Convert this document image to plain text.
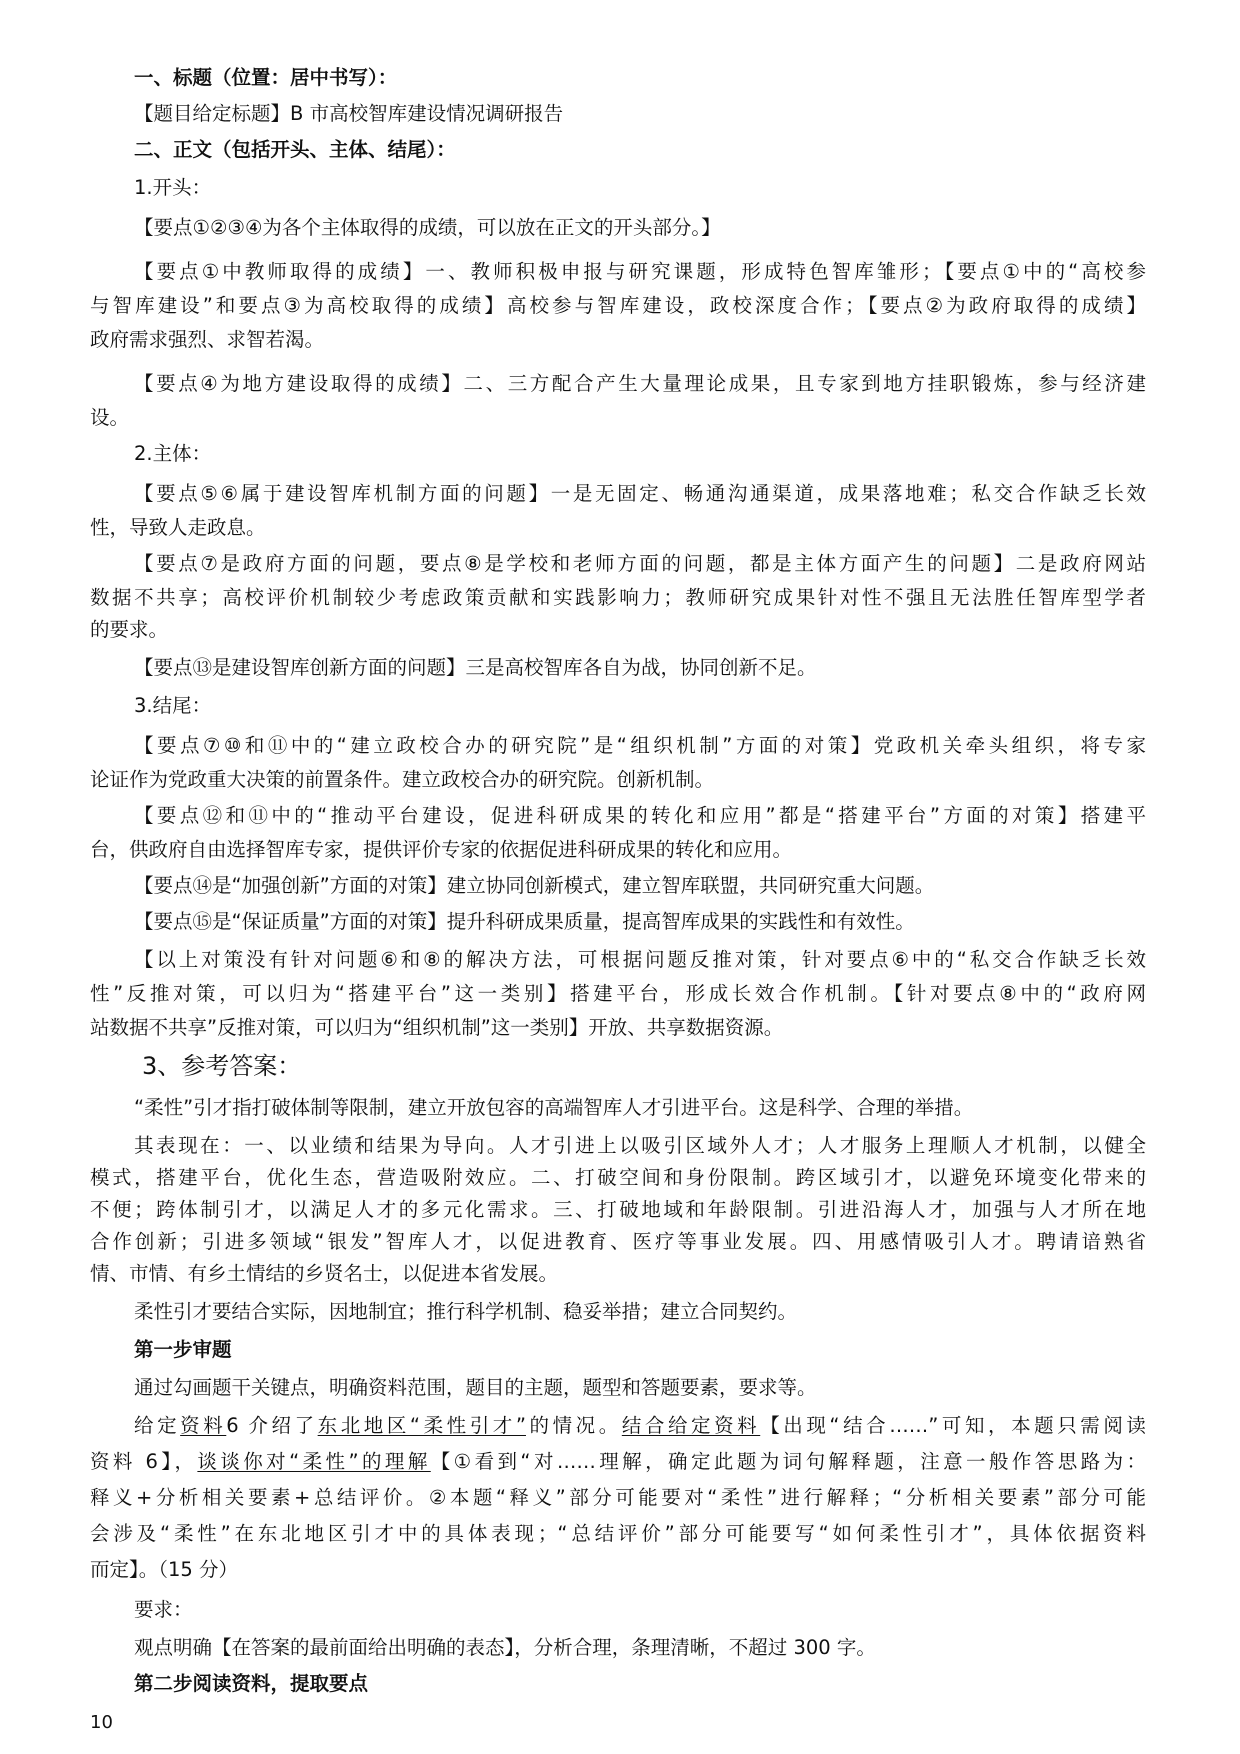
一、标题（位置：居中书写）：
【题目给定标题】B 市高校智库建设情况调研报告
二、正文（包括开头、主体、结尾）：
1.开头：
【要点①②③④为各个主体取得的成绩，可以放在正文的开头部分。】
【要点①中教师取得的成绩】一、教师积极申报与研究课题，形成特色智库雏形；【要点①中的“高校参
与智库建设”和要点③为高校取得的成绩】高校参与智库建设，政校深度合作；【要点②为政府取得的成绩】
政府需求强烈、求智若渴。
【要点④为地方建设取得的成绩】二、三方配合产生大量理论成果，且专家到地方挂职锻炼，参与经济建
设。
2.主体：
【要点⑤⑥属于建设智库机制方面的问题】一是无固定、畅通沟通渠道，成果落地难；私交合作缺乏长效
性，导致人走政息。
【要点⑦是政府方面的问题，要点⑧是学校和老师方面的问题，都是主体方面产生的问题】二是政府网站
数据不共享；高校评价机制较少考虑政策贡献和实践影响力；教师研究成果针对性不强且无法胜任智库型学者
的要求。
【要点⑬是建设智库创新方面的问题】三是高校智库各自为战，协同创新不足。
3.结尾：
【要点⑦⑩和⑪中的“建立政校合办的研究院”是“组织机制”方面的对策】党政机关牵头组织，将专家
论证作为党政重大决策的前置条件。建立政校合办的研究院。创新机制。
【要点⑫和⑪中的“推动平台建设，促进科研成果的转化和应用”都是“搭建平台”方面的对策】搭建平
台，供政府自由选择智库专家，提供评价专家的依据促进科研成果的转化和应用。
【要点⑭是“加强创新”方面的对策】建立协同创新模式，建立智库联盟，共同研究重大问题。
【要点⑮是“保证质量”方面的对策】提升科研成果质量，提高智库成果的实践性和有效性。
【以上对策没有针对问题⑥和⑧的解决方法，可根据问题反推对策，针对要点⑥中的“私交合作缺乏长效
性”反推对策，可以归为“搭建平台”这一类别】搭建平台，形成长效合作机制。【针对要点⑧中的“政府网
站数据不共享”反推对策，可以归为“组织机制”这一类别】开放、共享数据资源。
3、参考答案：
“柔性”引才指打破体制等限制，建立开放包容的高端智库人才引进平台。这是科学、合理的举措。
其表现在：一、以业绩和结果为导向。人才引进上以吸引区域外人才；人才服务上理顺人才机制，以健全
模式，搭建平台，优化生态，营造吸附效应。二、打破空间和身份限制。跨区域引才，以避免环境变化带来的
不便；跨体制引才，以满足人才的多元化需求。三、打破地域和年龄限制。引进沿海人才，加强与人才所在地
合作创新；引进多领域“银发”智库人才，以促进教育、医疗等事业发展。四、用感情吸引人才。聘请谙熟省
情、市情、有乡土情结的乡贤名士，以促进本省发展。
柔性引才要结合实际，因地制宜；推行科学机制、稳妥举措；建立合同契约。
第一步审题
通过勾画题干关键点，明确资料范围，题目的主题，题型和答题要素，要求等。
给定资料6 介绍了东北地区“柔性引才”的情况。结合给定资料【出现“结合……”可知，本题只需阅读
资料 6】，谈谈你对“柔性”的理解【①看到“对……理解，确定此题为词句解释题，注意一般作答思路为：
释义+分析相关要素+总结评价。②本题“释义”部分可能要对“柔性”进行解释；“分析相关要素”部分可能
会涉及“柔性”在东北地区引才中的具体表现；“总结评价”部分可能要写“如何柔性引才”，具体依据资料
而定】。（15 分）
要求：
观点明确【在答案的最前面给出明确的表态】，分析合理，条理清晰，不超过 300 字。
第二步阅读资料，提取要点
10
